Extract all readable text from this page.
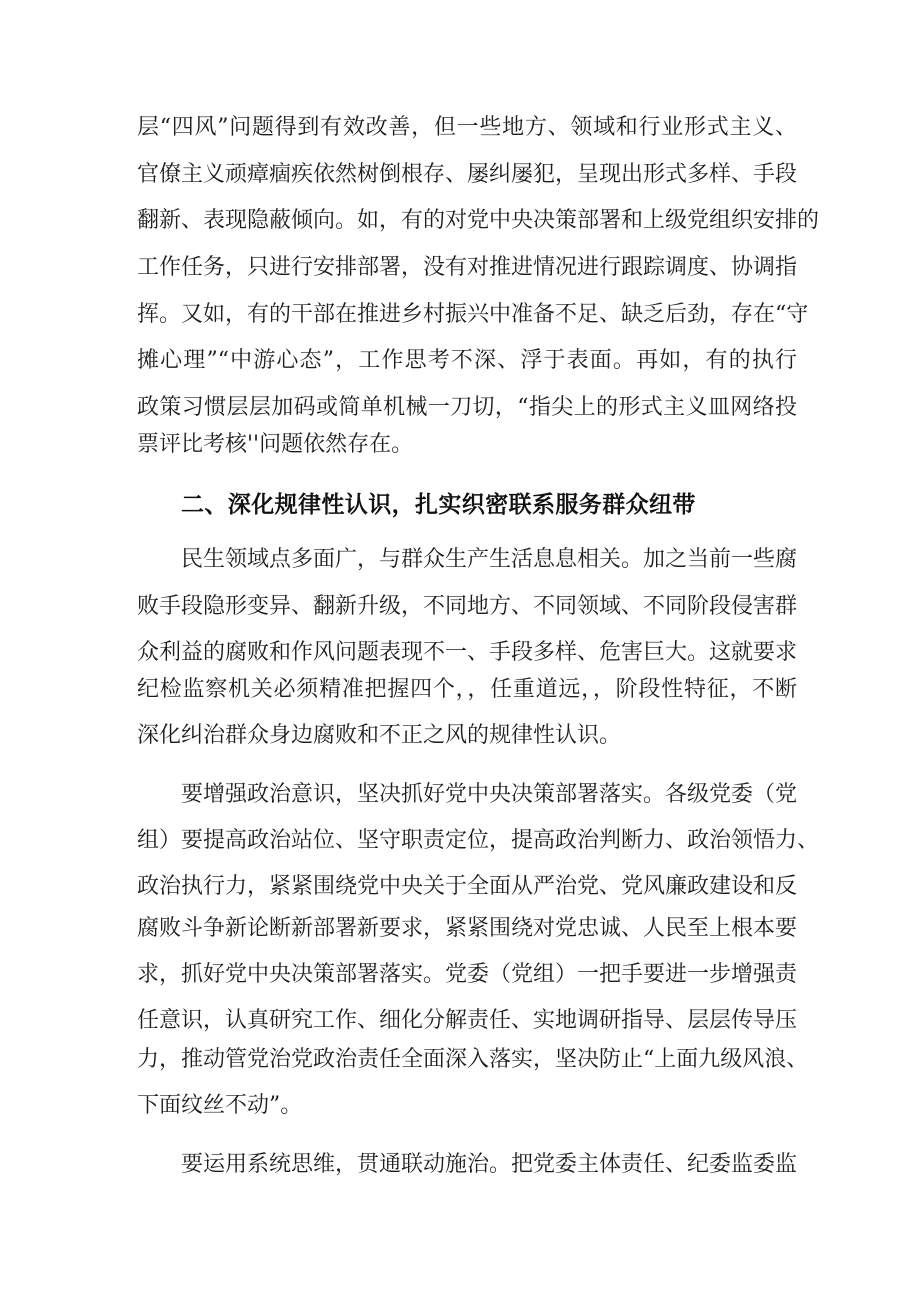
层“四风”问题得到有效改善，但一些地方、领域和行业形式主义、

官僚主义顽瘴痼疾依然树倒根存、屡纠屡犯，呈现出形式多样、手段

翻新、表现隐蔽倾向。如，有的对党中央决策部署和上级党组织安排的

工作任务，只进行安排部署，没有对推进情况进行跟踪调度、协调指

挥。又如，有的干部在推进乡村振兴中准备不足、缺乏后劲，存在“守

摊心理”“中游心态”，工作思考不深、浮于表面。再如，有的执行

政策习惯层层加码或简单机械一刀切，“指尖上的形式主义皿网络投

票评比考核''问题依然存在。

二、深化规律性认识，扎实织密联系服务群众纽带

民生领域点多面广，与群众生产生活息息相关。加之当前一些腐

败手段隐形变异、翻新升级，不同地方、不同领域、不同阶段侵害群

众利益的腐败和作风问题表现不一、手段多样、危害巨大。这就要求

纪检监察机关必须精准把握四个，，任重道远，，阶段性特征，不断

深化纠治群众身边腐败和不正之风的规律性认识。

要增强政治意识，坚决抓好党中央决策部署落实。各级党委（党

组）要提高政治站位、坚守职责定位，提高政治判断力、政治领悟力、

政治执行力，紧紧围绕党中央关于全面从严治党、党风廉政建设和反

腐败斗争新论断新部署新要求，紧紧围绕对党忠诚、人民至上根本要

求，抓好党中央决策部署落实。党委（党组）一把手要进一步增强责

任意识，认真研究工作、细化分解责任、实地调研指导、层层传导压

力，推动管党治党政治责任全面深入落实，坚决防止“上面九级风浪、

下面纹丝不动”。

要运用系统思维，贯通联动施治。把党委主体责任、纪委监委监
